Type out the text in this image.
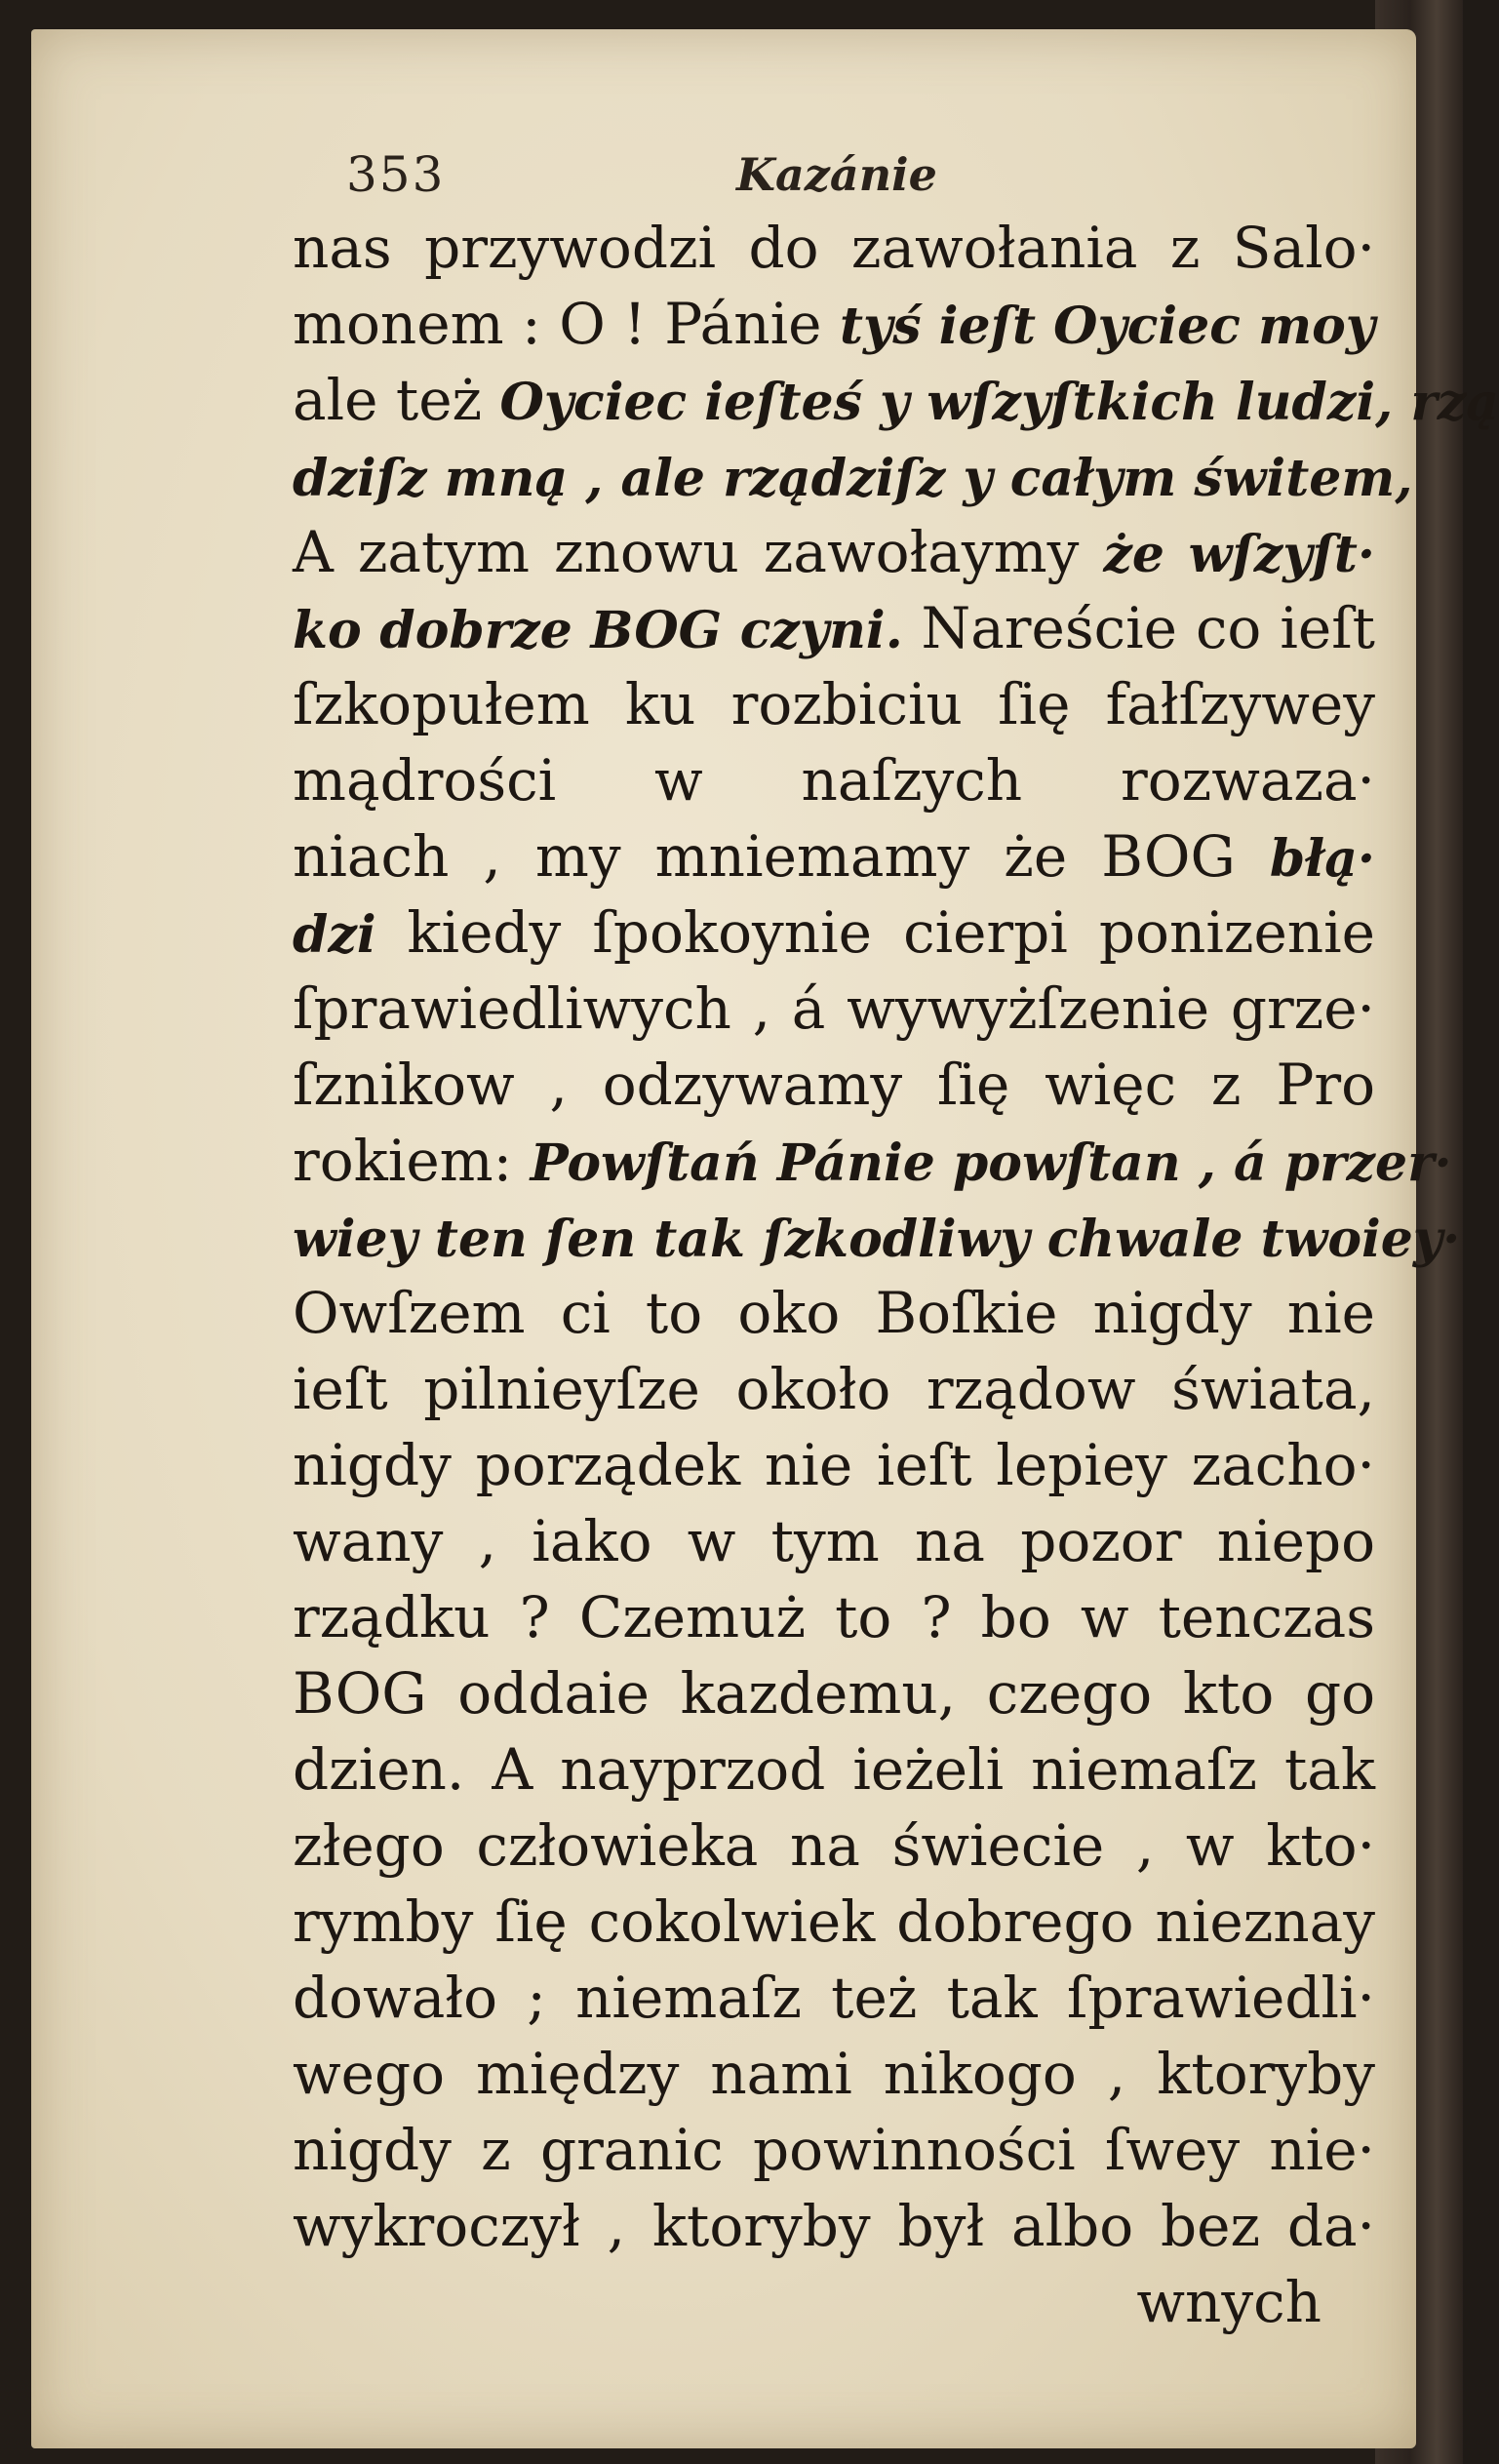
353	Kazánie
nas przywodzi do zawołania z Salo·
monem : O ! Pánie tyś ieſt Oyciec moy
ale też Oyciec ieſteś y wſzyſtkich ludzi, rzą
dziſz mną , ale rządziſz y całym świtem,
A zatym znowu zawołaymy że wſzyſt·
ko dobrze BOG czyni. Nareście co ieſt
ſzkopułem ku rozbiciu ſię fałſzywey
mądrości w naſzych rozwaza·
niach , my mniemamy że BOG błą·
dzi kiedy ſpokoynie cierpi ponizenie
ſprawiedliwych , á wywyżſzenie grze·
ſznikow , odzywamy ſię więc z Pro
rokiem: Powſtań Pánie powſtan , á przer·
wiey ten ſen tak ſzkodliwy chwale twoiey·
Owſzem ci to oko Boſkie nigdy nie
ieſt pilnieyſze około rządow świata,
nigdy porządek nie ieſt lepiey zacho·
wany , iako w tym na pozor niepo
rządku ? Czemuż to ? bo w tenczas
BOG oddaie kazdemu, czego kto go
dzien. A nayprzod ieżeli niemaſz tak
złego człowieka na świecie , w kto·
rymby ſię cokolwiek dobrego nieznay
dowało ; niemaſz też tak ſprawiedli·
wego między nami nikogo , ktoryby
nigdy z granic powinności ſwey nie·
wykroczył , ktoryby był albo bez da·
wnych
